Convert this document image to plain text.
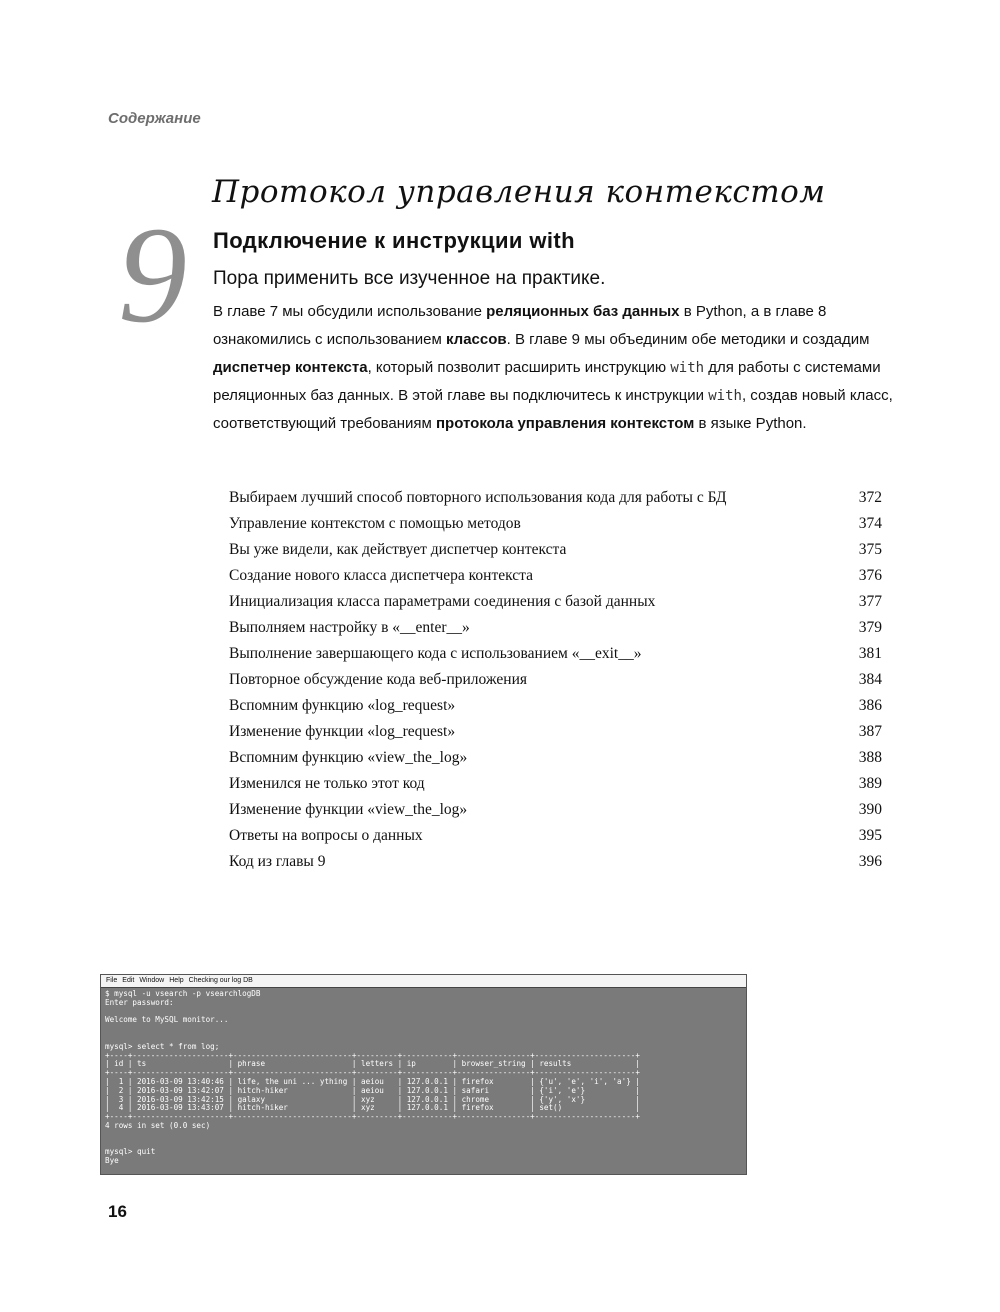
Содержание
9
Протокол управления контекстом
Подключение к инструкции with
Пора применить все изученное на практике.

В главе 7 мы обсудили использование реляционных баз данных в Python, а в главе 8 ознакомились с использованием классов. В главе 9 мы объединим обе методики и создадим диспетчер контекста, который позволит расширить инструкцию with для работы с системами реляционных баз данных. В этой главе вы подключитесь к инструкции with, создав новый класс, соответствующий требованиям протокола управления контекстом в языке Python.

Выбираем лучший способ повторного использования кода для работы с БД	372
Управление контекстом с помощью методов	374
Вы уже видели, как действует диспетчер контекста	375
Создание нового класса диспетчера контекста	376
Инициализация класса параметрами соединения с базой данных	377
Выполняем настройку в «__enter__»	379
Выполнение завершающего кода с использованием «__exit__»	381
Повторное обсуждение кода веб-приложения	384
Вспомним функцию «log_request»	386
Изменение функции «log_request»	387
Вспомним функцию «view_the_log»	388
Изменился не только этот код	389
Изменение функции «view_the_log»	390
Ответы на вопросы о данных	395
Код из главы 9	396
File Edit Window Help Checking our log DB
$ mysql -u vsearch -p vsearchlogDB
Enter password:

Welcome to MySQL monitor...

mysql> select * from log;
+----+---------------------+--------------------------+---------+-----------+----------------+----------------------+
| id | ts                  | phrase                   | letters | ip        | browser_string | results              |
+----+---------------------+--------------------------+---------+-----------+----------------+----------------------+
|  1 | 2016-03-09 13:40:46 | life, the uni ... ything | aeiou   | 127.0.0.1 | firefox        | {'u', 'e', 'i', 'a'} |
|  2 | 2016-03-09 13:42:07 | hitch-hiker              | aeiou   | 127.0.0.1 | safari         | {'i', 'e'}           |
|  3 | 2016-03-09 13:42:15 | galaxy                   | xyz     | 127.0.0.1 | chrome         | {'y', 'x'}           |
|  4 | 2016-03-09 13:43:07 | hitch-hiker              | xyz     | 127.0.0.1 | firefox        | set()                |
+----+---------------------+--------------------------+---------+-----------+----------------+----------------------+
4 rows in set (0.0 sec)

mysql> quit
Bye
16
